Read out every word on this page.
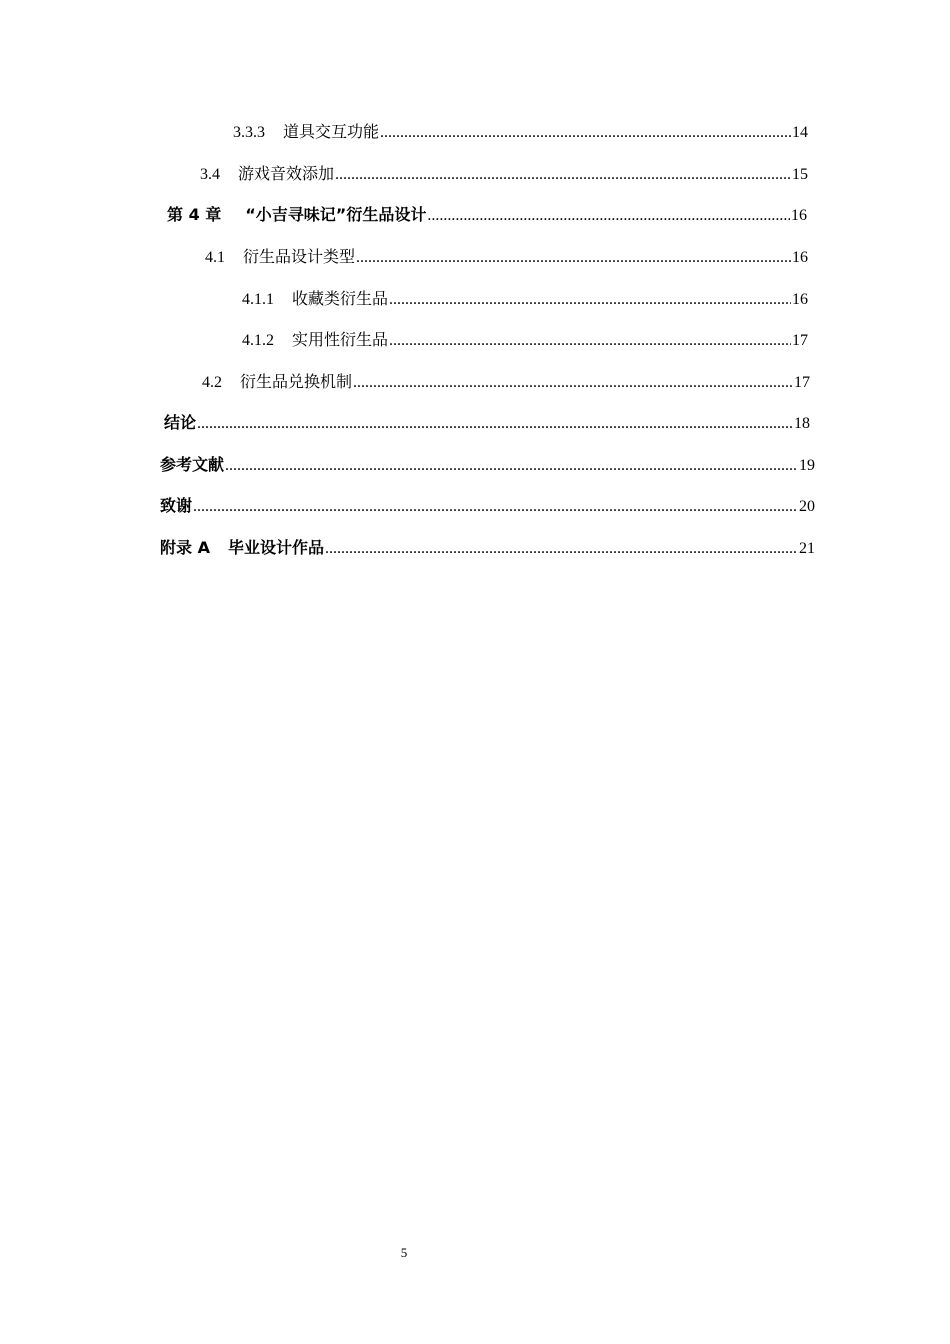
3.3.3 道具交互功能 .....	14
3.4 游戏音效添加 .....	15
第 4 章 “小吉寻味记”衍生品设计 .....	16
4.1 衍生品设计类型 .....	16
4.1.1 收藏类衍生品 .....	16
4.1.2 实用性衍生品 .....	17
4.2 衍生品兑换机制 .....	17
结论 .....	18
参考文献 .....	19
致谢 .....	20
附录 A 毕业设计作品 .....	21
5
